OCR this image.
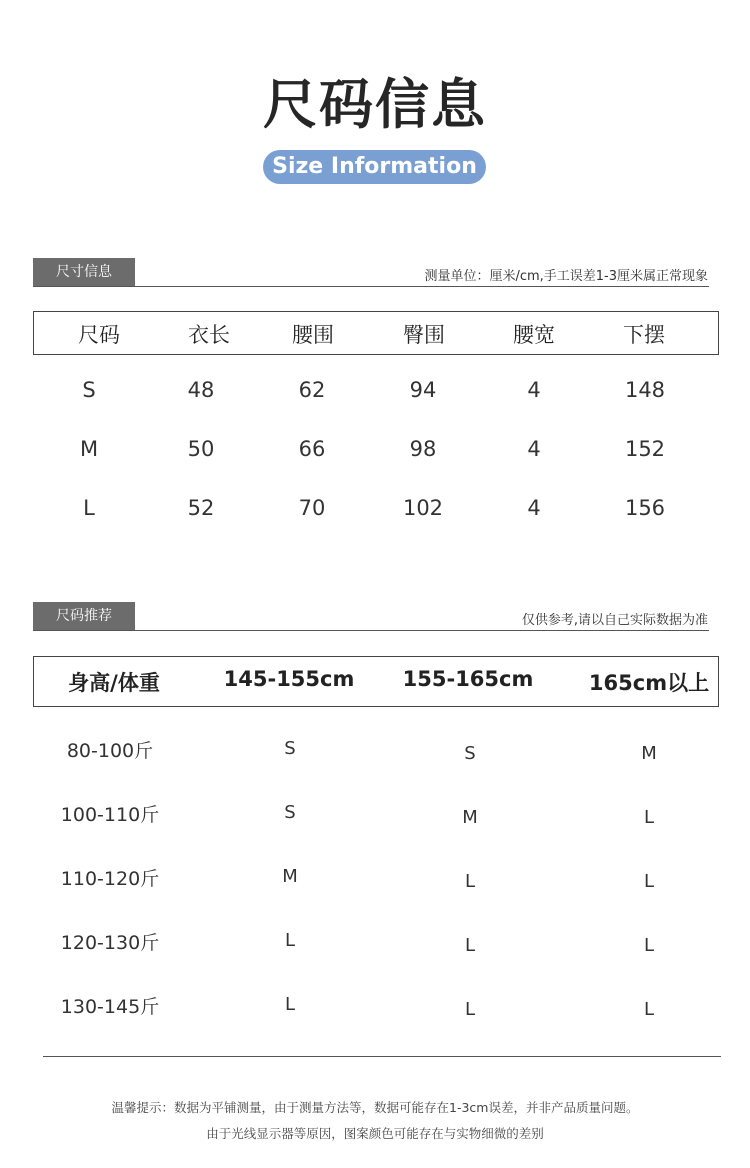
尺码信息
Size Information
尺寸信息	测量单位：厘米/cm,手工误差1-3厘米属正常现象
尺码	衣长	腰围	臀围	腰宽	下摆
S	48	62	94	4	148
M	50	66	98	4	152
L	52	70	102	4	156
尺码推荐	仅供参考,请以自己实际数据为准
身高/体重	145-155cm	155-165cm	165cm以上
80-100斤	S	S	M
100-110斤	S	M	L
110-120斤	M	L	L
120-130斤	L	L	L
130-145斤	L	L	L
温馨提示：数据为平铺测量，由于测量方法等，数据可能存在1-3cm误差，并非产品质量问题。
由于光线显示器等原因，图案颜色可能存在与实物细微的差别
